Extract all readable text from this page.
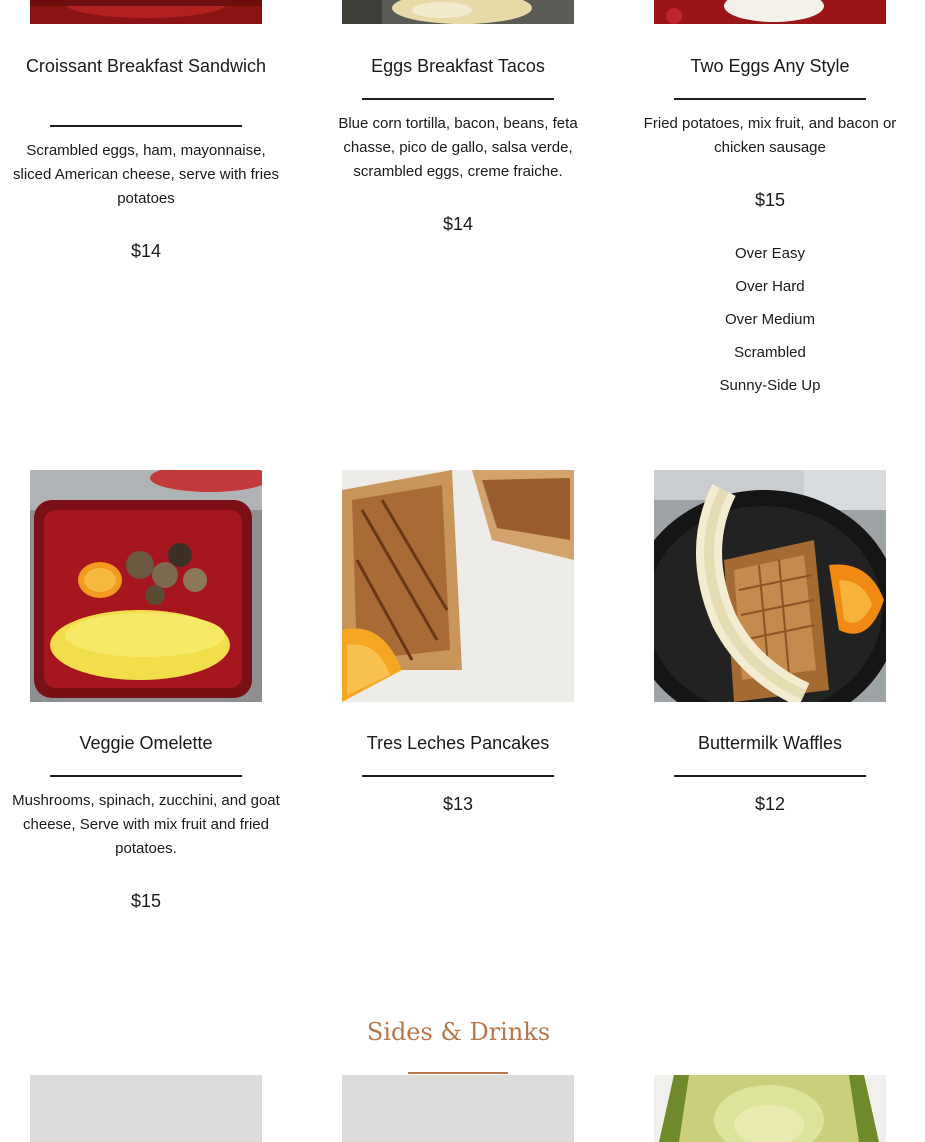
Croissant Breakfast Sandwich
Scrambled eggs, ham, mayonnaise, sliced American cheese, serve with fries potatoes
$14
Eggs Breakfast Tacos
Blue corn tortilla, bacon, beans, feta chasse, pico de gallo, salsa verde, scrambled eggs, creme fraiche.
$14
Two Eggs Any Style
Fried potatoes, mix fruit, and bacon or chicken sausage
$15
Over Easy
Over Hard
Over Medium
Scrambled
Sunny-Side Up
Veggie Omelette
Mushrooms, spinach, zucchini, and goat cheese, Serve with mix fruit and fried potatoes.
$15
Tres Leches Pancakes
$13
Buttermilk Waffles
$12
Sides & Drinks
